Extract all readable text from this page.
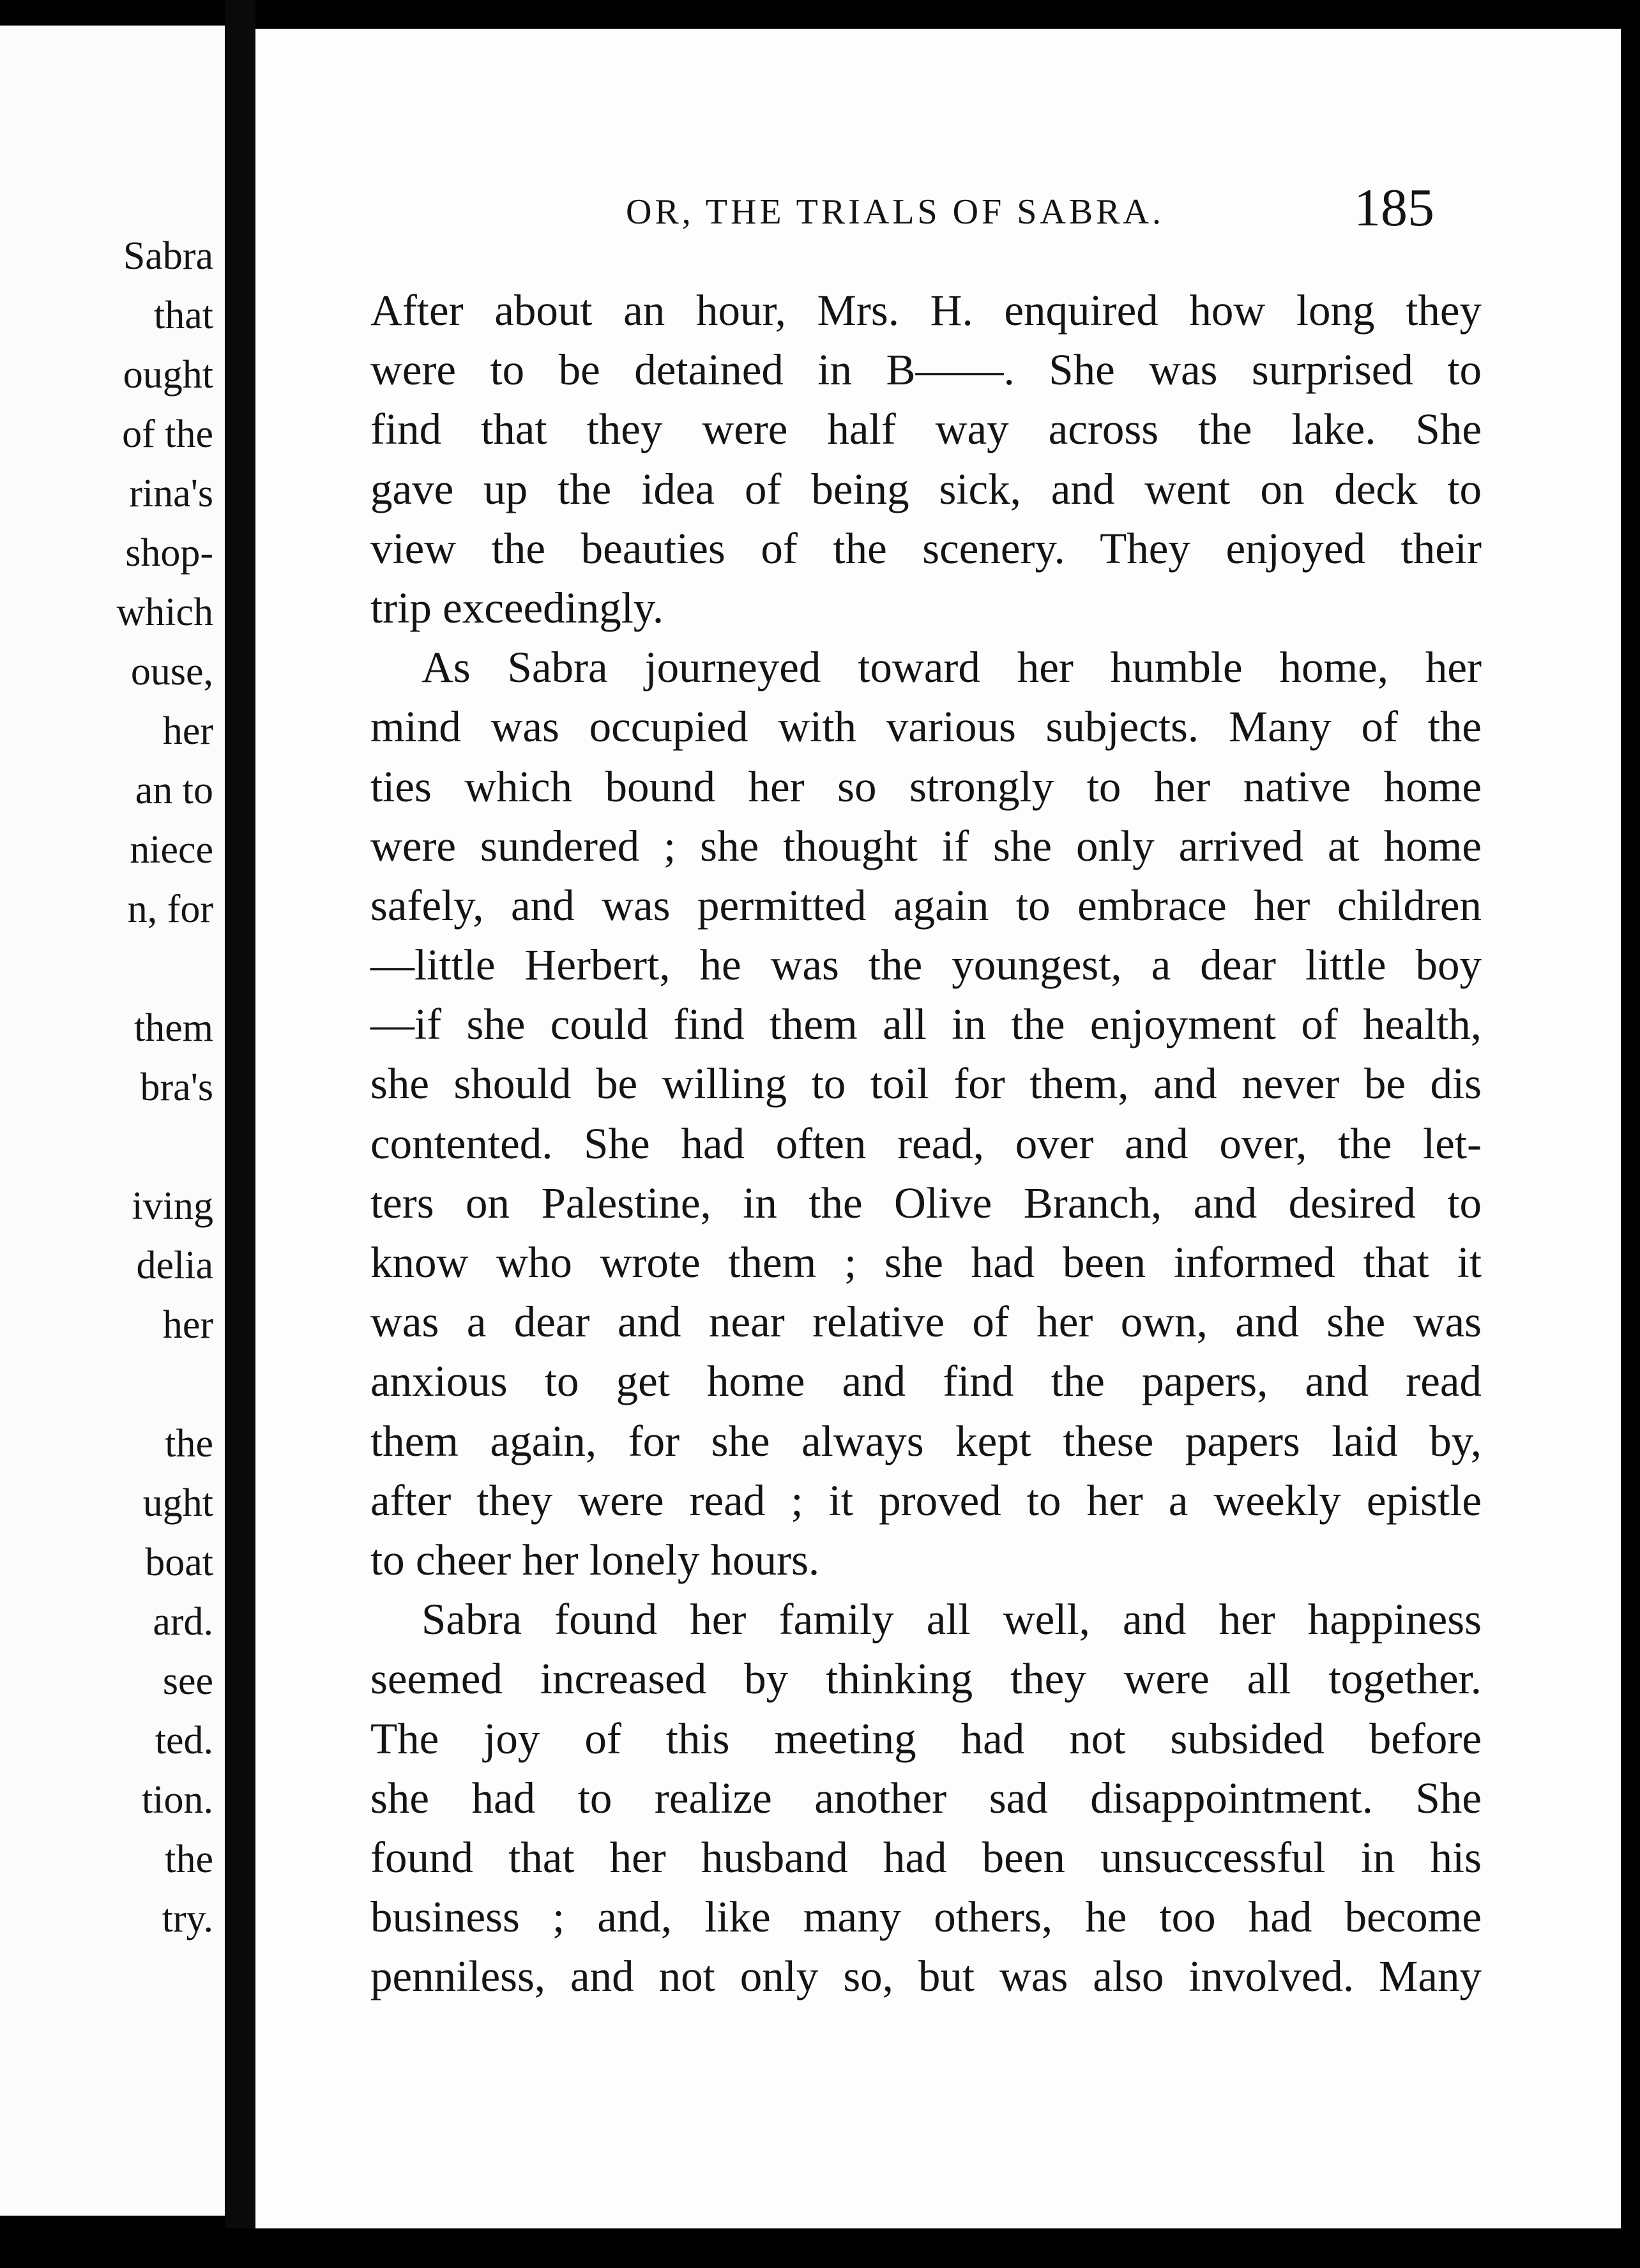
Sabra
that
ought
of the
rina's
shop-
which
ouse,
her
an to
niece
n, for
them
bra's
iving
delia
her
the
ught
boat
ard.
see
ted.
tion.
the
try.
OR, THE TRIALS OF SABRA.	185
After about an hour, Mrs. H. enquired how long they
were to be detained in B——. She was surprised to
find that they were half way across the lake. She
gave up the idea of being sick, and went on deck to
view the beauties of the scenery. They enjoyed their
trip exceedingly.
As Sabra journeyed toward her humble home, her
mind was occupied with various subjects. Many of the
ties which bound her so strongly to her native home
were sundered ; she thought if she only arrived at home
safely, and was permitted again to embrace her children
—little Herbert, he was the youngest, a dear little boy
—if she could find them all in the enjoyment of health,
she should be willing to toil for them, and never be dis
contented. She had often read, over and over, the let-
ters on Palestine, in the Olive Branch, and desired to
know who wrote them ; she had been informed that it
was a dear and near relative of her own, and she was
anxious to get home and find the papers, and read
them again, for she always kept these papers laid by,
after they were read ; it proved to her a weekly epistle
to cheer her lonely hours.
Sabra found her family all well, and her happiness
seemed increased by thinking they were all together.
The joy of this meeting had not subsided before
she had to realize another sad disappointment. She
found that her husband had been unsuccessful in his
business ; and, like many others, he too had become
penniless, and not only so, but was also involved. Many
